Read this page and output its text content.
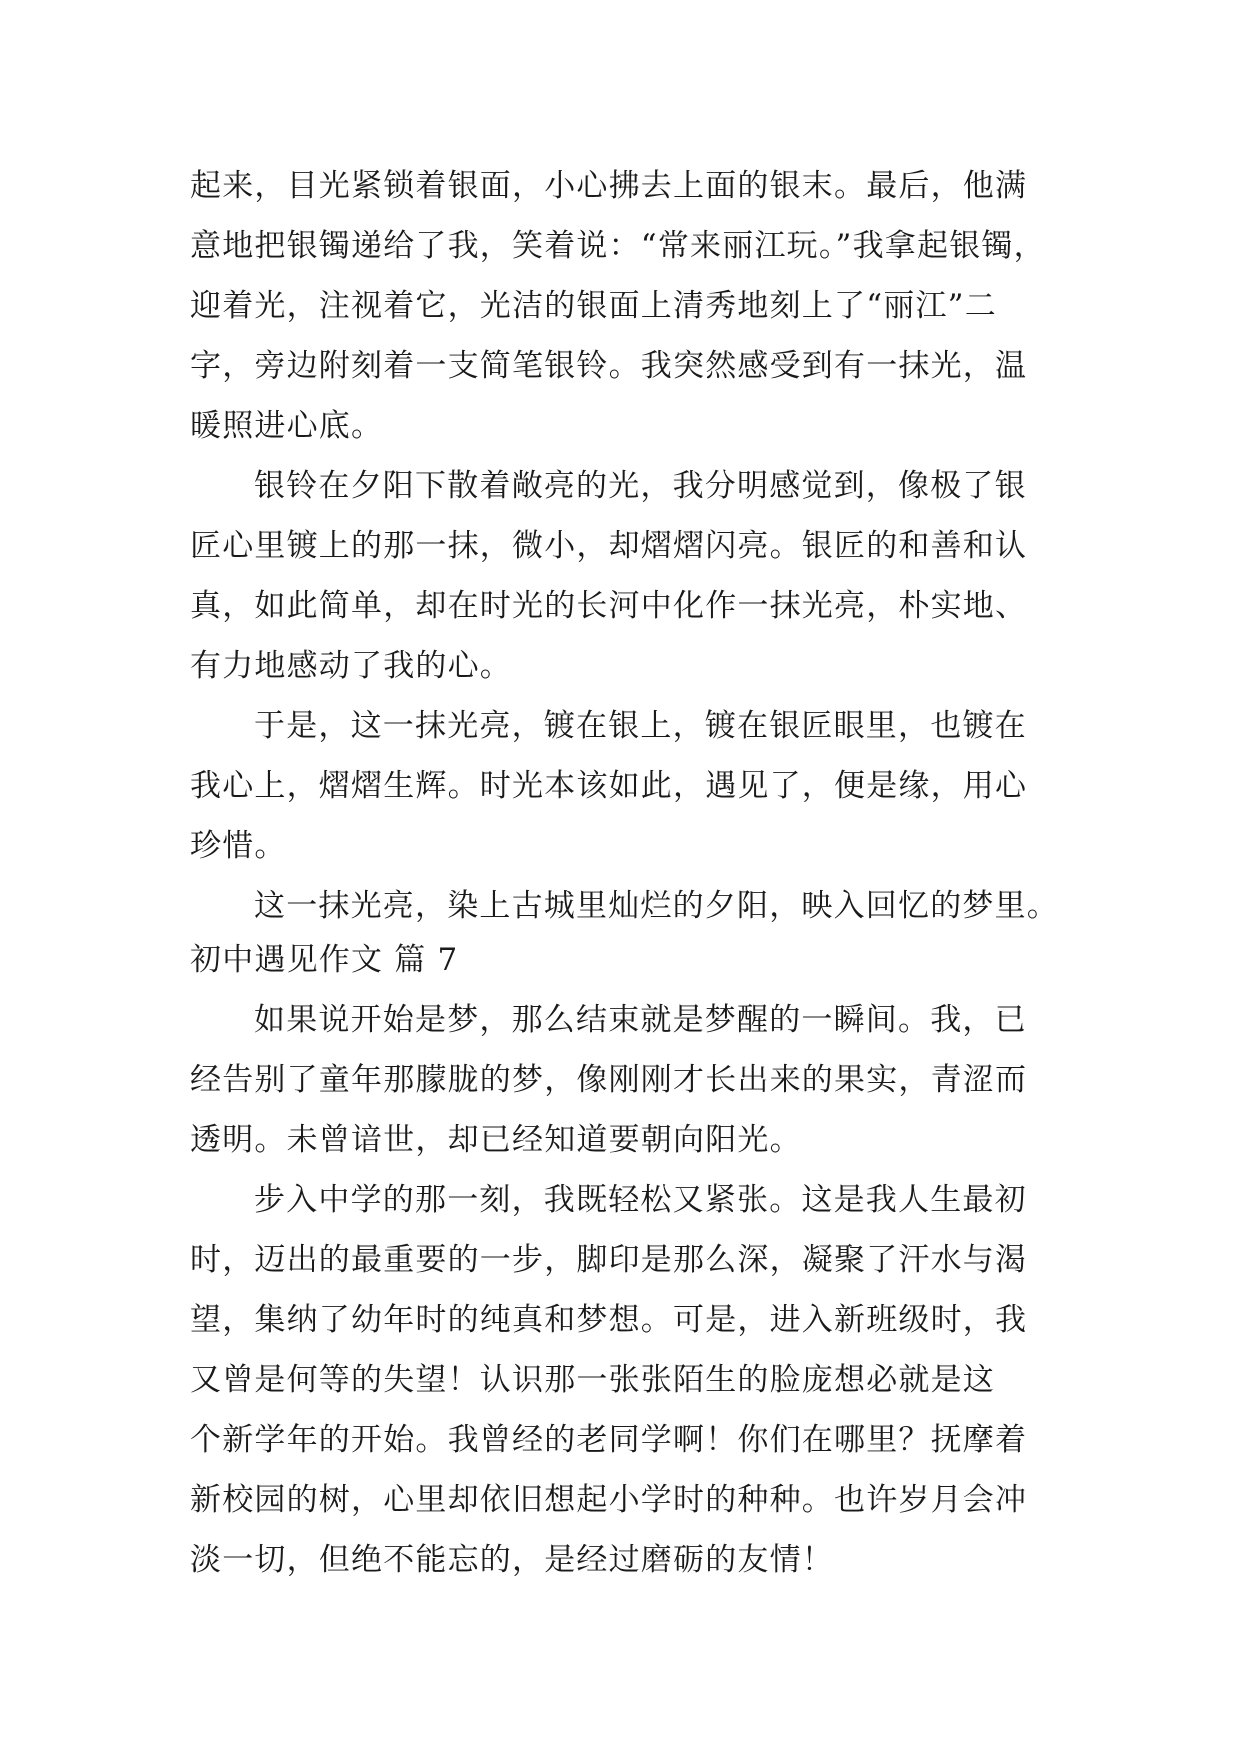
起来，目光紧锁着银面，小心拂去上面的银末。最后，他满
意地把银镯递给了我，笑着说：“常来丽江玩。”我拿起银镯，
迎着光，注视着它，光洁的银面上清秀地刻上了“丽江”二
字，旁边附刻着一支简笔银铃。我突然感受到有一抹光，温
暖照进心底。
银铃在夕阳下散着敞亮的光，我分明感觉到，像极了银
匠心里镀上的那一抹，微小，却熠熠闪亮。银匠的和善和认
真，如此简单，却在时光的长河中化作一抹光亮，朴实地、
有力地感动了我的心。
于是，这一抹光亮，镀在银上，镀在银匠眼里，也镀在
我心上，熠熠生辉。时光本该如此，遇见了，便是缘，用心
珍惜。
这一抹光亮，染上古城里灿烂的夕阳，映入回忆的梦里。
初中遇见作文 篇 7
如果说开始是梦，那么结束就是梦醒的一瞬间。我，已
经告别了童年那朦胧的梦，像刚刚才长出来的果实，青涩而
透明。未曾谙世，却已经知道要朝向阳光。
步入中学的那一刻，我既轻松又紧张。这是我人生最初
时，迈出的最重要的一步，脚印是那么深，凝聚了汗水与渴
望，集纳了幼年时的纯真和梦想。可是，进入新班级时，我
又曾是何等的失望！认识那一张张陌生的脸庞想必就是这
个新学年的开始。我曾经的老同学啊！你们在哪里？抚摩着
新校园的树，心里却依旧想起小学时的种种。也许岁月会冲
淡一切，但绝不能忘的，是经过磨砺的友情！
